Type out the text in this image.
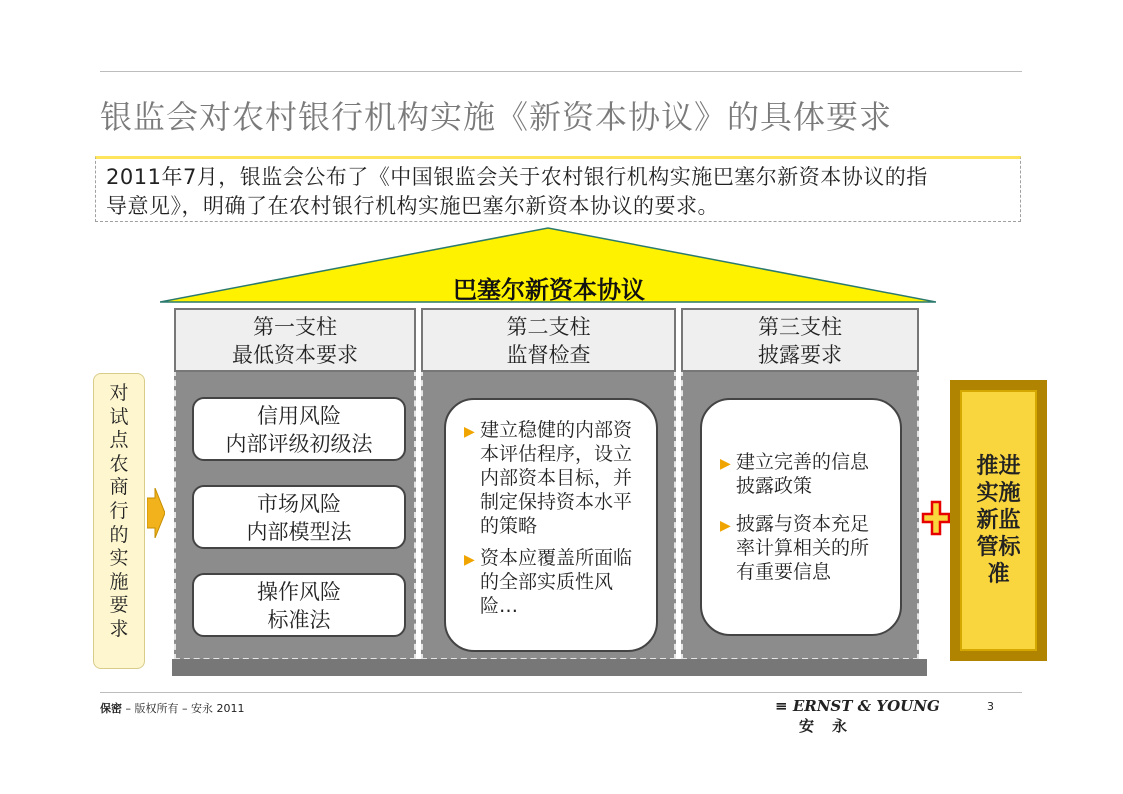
银监会对农村银行机构实施《新资本协议》的具体要求
2011年7月，银监会公布了《中国银监会关于农村银行机构实施巴塞尔新资本协议的指
导意见》，明确了在农村银行机构实施巴塞尔新资本协议的要求。
巴塞尔新资本协议
第一支柱
最低资本要求
信用风险
内部评级初级法
市场风险
内部模型法
操作风险
标准法
第二支柱
监督检查
▶ 建立稳健的内部资本评估程序，设立内部资本目标，并制定保持资本水平的策略
▶ 资本应覆盖所面临的全部实质性风险…
第三支柱
披露要求
▶ 建立完善的信息披露政策
▶ 披露与资本充足率计算相关的所有重要信息
对
试
点
农
商
行
的
实
施
要
求
推进实施新监管标准
保密 – 版权所有 – 安永 2011	≡ ERNST & YOUNG
安永
3
